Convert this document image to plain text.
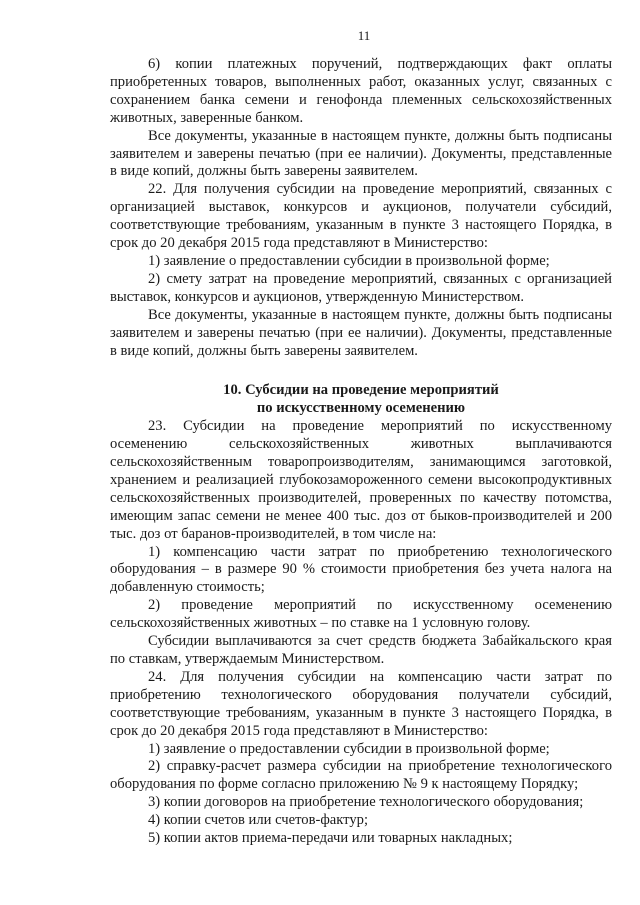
11

6) копии платежных поручений, подтверждающих факт оплаты приобретенных товаров, выполненных работ, оказанных услуг, связанных с сохранением банка семени и генофонда племенных сельскохозяйственных животных, заверенные банком.

Все документы, указанные в настоящем пункте, должны быть подписаны заявителем и заверены печатью (при ее наличии). Документы, представленные в виде копий, должны быть заверены заявителем.

22. Для получения субсидии на проведение мероприятий, связанных с организацией выставок, конкурсов и аукционов, получатели субсидий, соответствующие требованиям, указанным в пункте 3 настоящего Порядка, в срок до 20 декабря 2015 года представляют в Министерство:

1) заявление о предоставлении субсидии в произвольной форме;

2) смету затрат на проведение мероприятий, связанных с организацией выставок, конкурсов и аукционов, утвержденную Министерством.

Все документы, указанные в настоящем пункте, должны быть подписаны заявителем и заверены печатью (при ее наличии). Документы, представленные в виде копий, должны быть заверены заявителем.

10. Субсидии на проведение мероприятий
по искусственному осеменению

23. Субсидии на проведение мероприятий по искусственному осеменению сельскохозяйственных животных выплачиваются сельскохозяйственным товаропроизводителям, занимающимся заготовкой, хранением и реализацией глубокозамороженного семени высокопродуктивных сельскохозяйственных производителей, проверенных по качеству потомства, имеющим запас семени не менее 400 тыс. доз от быков-производителей и 200 тыс. доз от баранов-производителей, в том числе на:

1) компенсацию части затрат по приобретению технологического оборудования – в размере 90 % стоимости приобретения без учета налога на добавленную стоимость;

2) проведение мероприятий по искусственному осеменению сельскохозяйственных животных – по ставке на 1 условную голову.

Субсидии выплачиваются за счет средств бюджета Забайкальского края по ставкам, утверждаемым Министерством.

24. Для получения субсидии на компенсацию части затрат по приобретению технологического оборудования получатели субсидий, соответствующие требованиям, указанным в пункте 3 настоящего Порядка, в срок до 20 декабря 2015 года представляют в Министерство:

1) заявление о предоставлении субсидии в произвольной форме;

2) справку-расчет размера субсидии на приобретение технологического оборудования по форме согласно приложению № 9 к настоящему Порядку;

3) копии договоров на приобретение технологического оборудования;

4) копии счетов или счетов-фактур;

5) копии актов приема-передачи или товарных накладных;
